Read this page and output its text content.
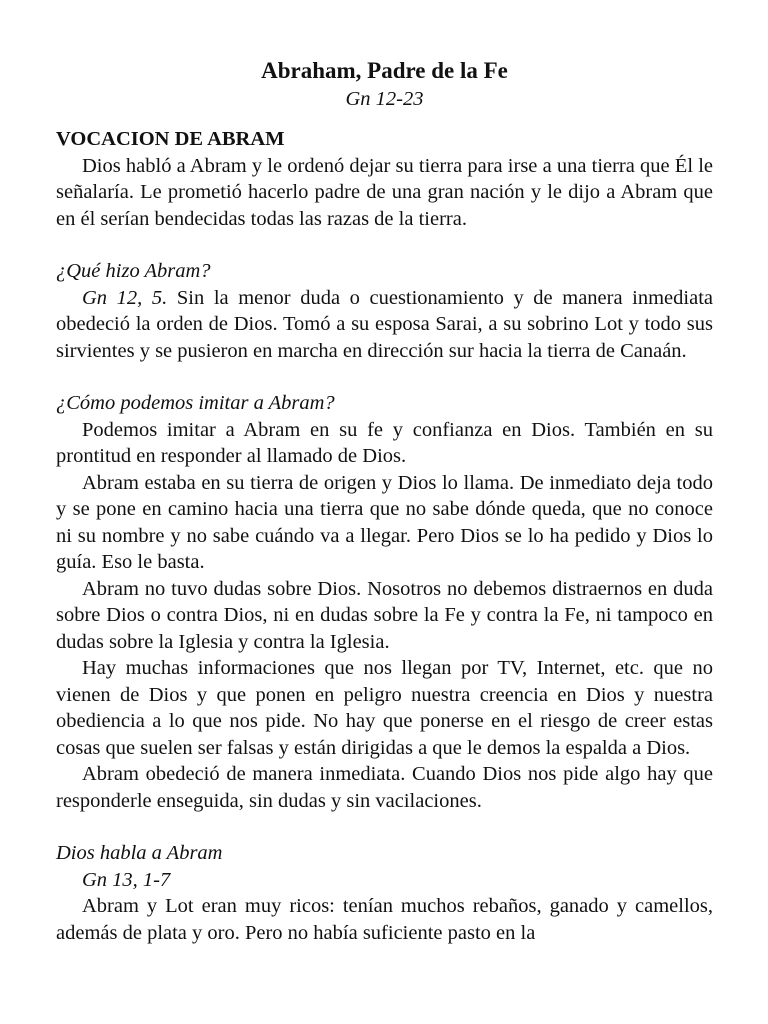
Abraham, Padre de la Fe
Gn 12-23
VOCACION DE ABRAM

Dios habló a Abram y le ordenó dejar su tierra para irse a una tierra que Él le señalaría. Le prometió hacerlo padre de una gran nación y le dijo a Abram que en él serían bendecidas todas las razas de la tierra.

¿Qué hizo Abram?

Gn 12, 5. Sin la menor duda o cuestionamiento y de manera inmediata obedeció la orden de Dios. Tomó a su esposa Sarai, a su sobrino Lot y todo sus sirvientes y se pusieron en marcha en dirección sur hacia la tierra de Canaán.

¿Cómo podemos imitar a Abram?

Podemos imitar a Abram en su fe y confianza en Dios. También en su prontitud en responder al llamado de Dios.

Abram estaba en su tierra de origen y Dios lo llama. De inmediato deja todo y se pone en camino hacia una tierra que no sabe dónde queda, que no conoce ni su nombre y no sabe cuándo va a llegar. Pero Dios se lo ha pedido y Dios lo guía. Eso le basta.

Abram no tuvo dudas sobre Dios. Nosotros no debemos distraernos en duda sobre Dios o contra Dios, ni en dudas sobre la Fe y contra la Fe, ni tampoco en dudas sobre la Iglesia y contra la Iglesia.

Hay muchas informaciones que nos llegan por TV, Internet, etc. que no vienen de Dios y que ponen en peligro nuestra creencia en Dios y nuestra obediencia a lo que nos pide. No hay que ponerse en el riesgo de creer estas cosas que suelen ser falsas y están dirigidas a que le demos la espalda a Dios.

Abram obedeció de manera inmediata. Cuando Dios nos pide algo hay que responderle enseguida, sin dudas y sin vacilaciones.

Dios habla a Abram
Gn 13, 1-7

Abram y Lot eran muy ricos: tenían muchos rebaños, ganado y camellos, además de plata y oro. Pero no había suficiente pasto en la
